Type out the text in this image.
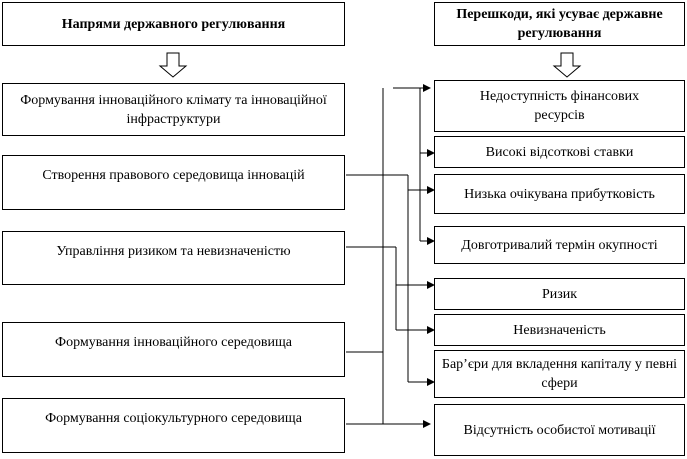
Напрями державного регулювання
Перешкоди, які усуває державне регулювання
Формування інноваційного клімату та інноваційної інфраструктури
Створення правового середовища інновацій
Управління ризиком та невизначеністю
Формування інноваційного середовища
Формування соціокультурного середовища
Недоступність фінансових ресурсів
Високі відсоткові ставки
Низька очікувана прибутковість
Довготривалий термін окупності
Ризик
Невизначеність
Бар’єри для вкладення капіталу у певні сфери
Відсутність особистої мотивації
